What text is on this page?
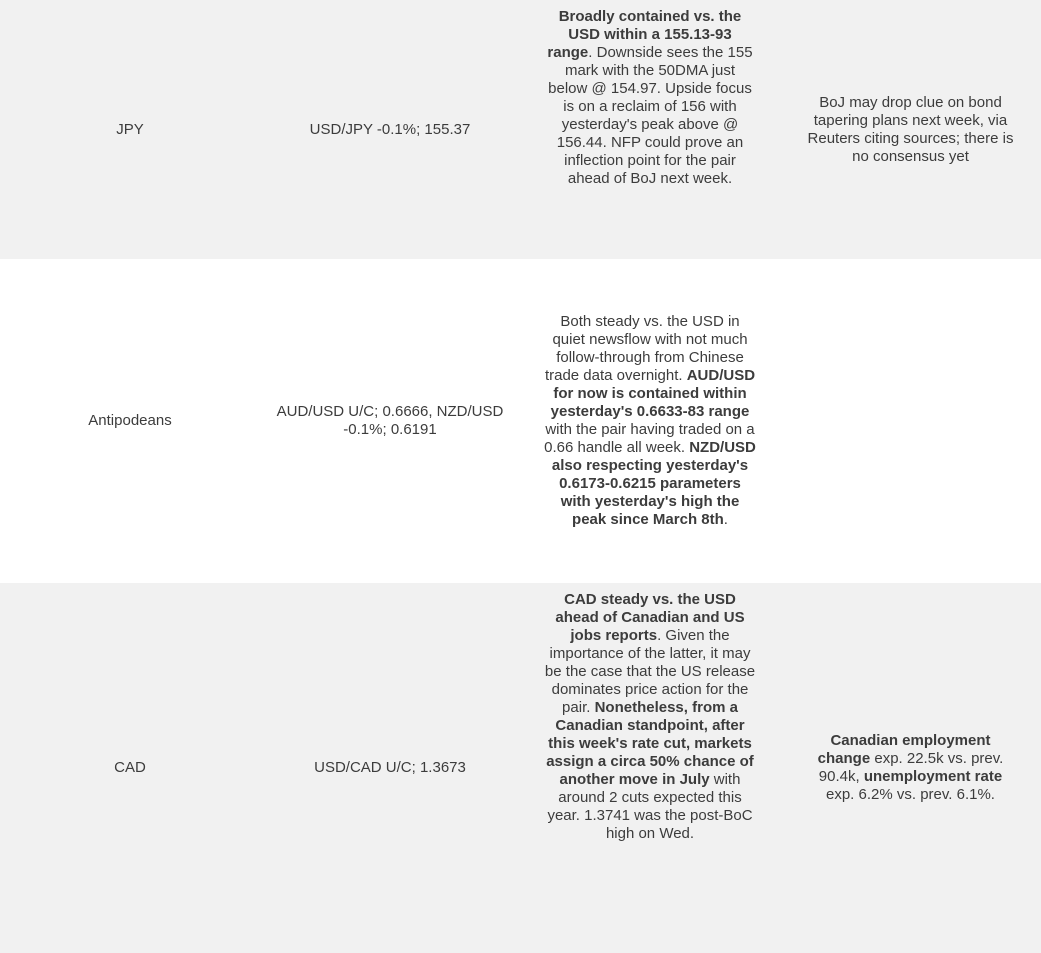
JPY	USD/JPY -0.1%; 155.37
Broadly contained vs. the USD within a 155.13-93 range. Downside sees the 155 mark with the 50DMA just below @ 154.97. Upside focus is on a reclaim of 156 with yesterday's peak above @ 156.44. NFP could prove an inflection point for the pair ahead of BoJ next week.
BoJ may drop clue on bond tapering plans next week, via Reuters citing sources; there is no consensus yet
Antipodeans
AUD/USD U/C; 0.6666, NZD/USD -0.1%; 0.6191
Both steady vs. the USD in quiet newsflow with not much follow-through from Chinese trade data overnight. AUD/USD for now is contained within yesterday's 0.6633-83 range with the pair having traded on a 0.66 handle all week. NZD/USD also respecting yesterday's 0.6173-0.6215 parameters with yesterday's high the peak since March 8th.
CAD	USD/CAD U/C; 1.3673
CAD steady vs. the USD ahead of Canadian and US jobs reports. Given the importance of the latter, it may be the case that the US release dominates price action for the pair. Nonetheless, from a Canadian standpoint, after this week's rate cut, markets assign a circa 50% chance of another move in July with around 2 cuts expected this year. 1.3741 was the post-BoC high on Wed.
Canadian employment change exp. 22.5k vs. prev. 90.4k, unemployment rate exp. 6.2% vs. prev. 6.1%.
